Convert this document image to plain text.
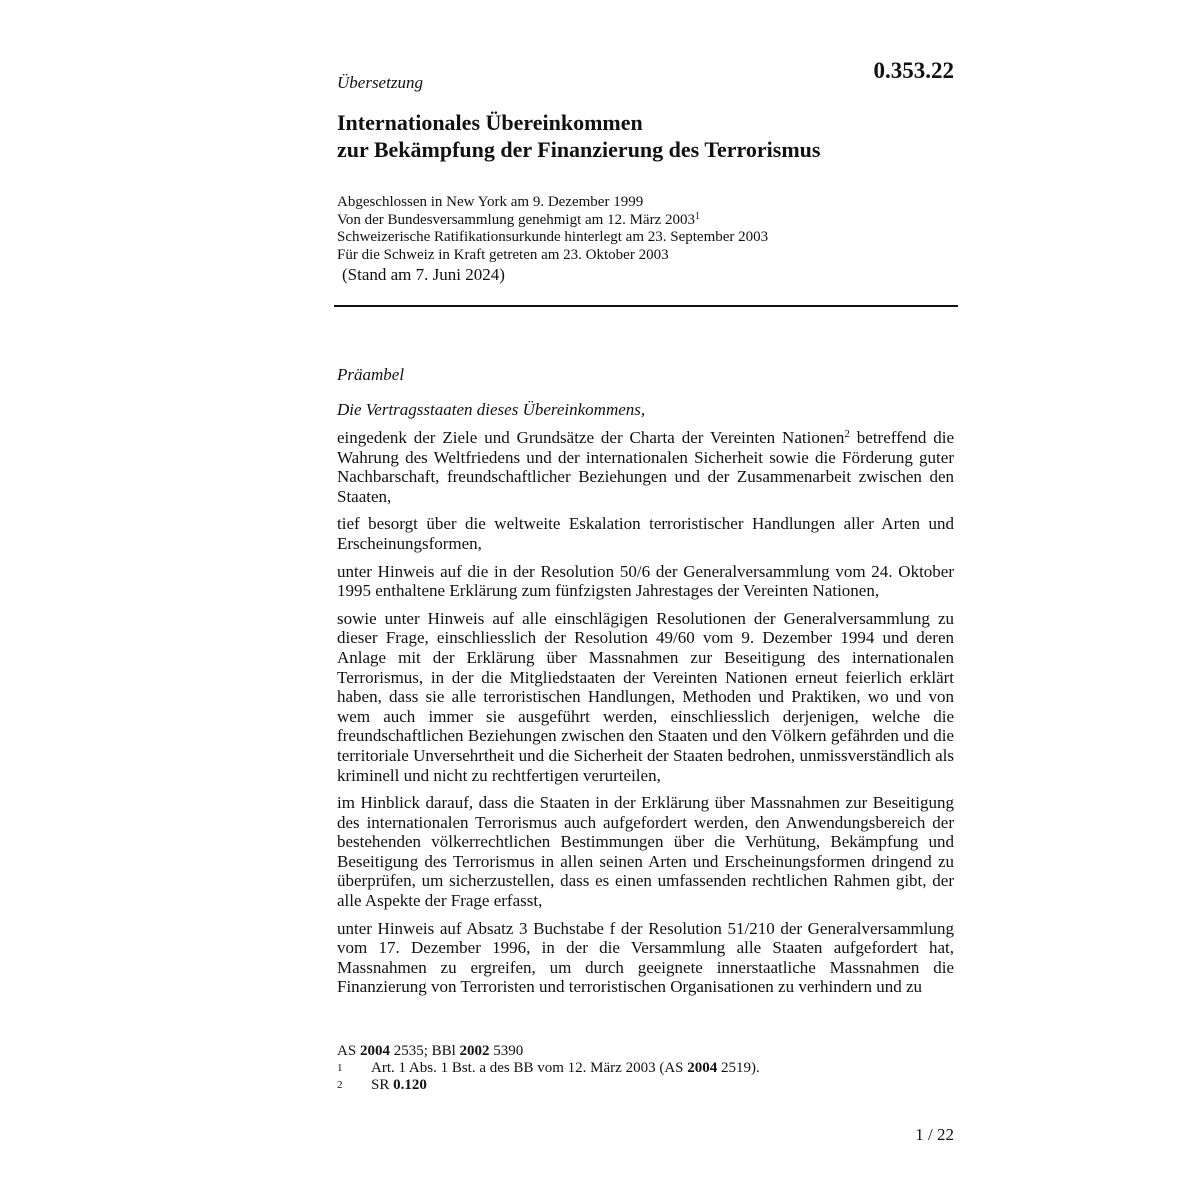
0.353.22
Übersetzung
Internationales Übereinkommen
zur Bekämpfung der Finanzierung des Terrorismus
Abgeschlossen in New York am 9. Dezember 1999
Von der Bundesversammlung genehmigt am 12. März 2003$^1$
Schweizerische Ratifikationsurkunde hinterlegt am 23. September 2003
Für die Schweiz in Kraft getreten am 23. Oktober 2003
(Stand am 7. Juni 2024)
Präambel
Die Vertragsstaaten dieses Übereinkommens,

eingedenk der Ziele und Grundsätze der Charta der Vereinten Nationen$^2$ betreffend die Wahrung des Weltfriedens und der internationalen Sicherheit sowie die Förderung guter Nachbarschaft, freundschaftlicher Beziehungen und der Zusammenarbeit zwischen den Staaten,

tief besorgt über die weltweite Eskalation terroristischer Handlungen aller Arten und Erscheinungsformen,

unter Hinweis auf die in der Resolution 50/6 der Generalversammlung vom 24. Oktober 1995 enthaltene Erklärung zum fünfzigsten Jahrestages der Vereinten Nationen,

sowie unter Hinweis auf alle einschlägigen Resolutionen der Generalversammlung zu dieser Frage, einschliesslich der Resolution 49/60 vom 9. Dezember 1994 und deren Anlage mit der Erklärung über Massnahmen zur Beseitigung des internationalen Terrorismus, in der die Mitgliedstaaten der Vereinten Nationen erneut feierlich erklärt haben, dass sie alle terroristischen Handlungen, Methoden und Praktiken, wo und von wem auch immer sie ausgeführt werden, einschliesslich derjenigen, welche die freundschaftlichen Beziehungen zwischen den Staaten und den Völkern gefährden und die territoriale Unversehrtheit und die Sicherheit der Staaten bedrohen, unmissverständlich als kriminell und nicht zu rechtfertigen verurteilen,

im Hinblick darauf, dass die Staaten in der Erklärung über Massnahmen zur Beseitigung des internationalen Terrorismus auch aufgefordert werden, den Anwendungsbereich der bestehenden völkerrechtlichen Bestimmungen über die Verhütung, Bekämpfung und Beseitigung des Terrorismus in allen seinen Arten und Erscheinungsformen dringend zu überprüfen, um sicherzustellen, dass es einen umfassenden rechtlichen Rahmen gibt, der alle Aspekte der Frage erfasst,

unter Hinweis auf Absatz 3 Buchstabe f der Resolution 51/210 der Generalversammlung vom 17. Dezember 1996, in der die Versammlung alle Staaten aufgefordert hat, Massnahmen zu ergreifen, um durch geeignete innerstaatliche Massnahmen die Finanzierung von Terroristen und terroristischen Organisationen zu verhindern und zu

AS 2004 2535; BBl 2002 5390
1	Art. 1 Abs. 1 Bst. a des BB vom 12. März 2003 (AS 2004 2519).
2	SR 0.120
1 / 22
